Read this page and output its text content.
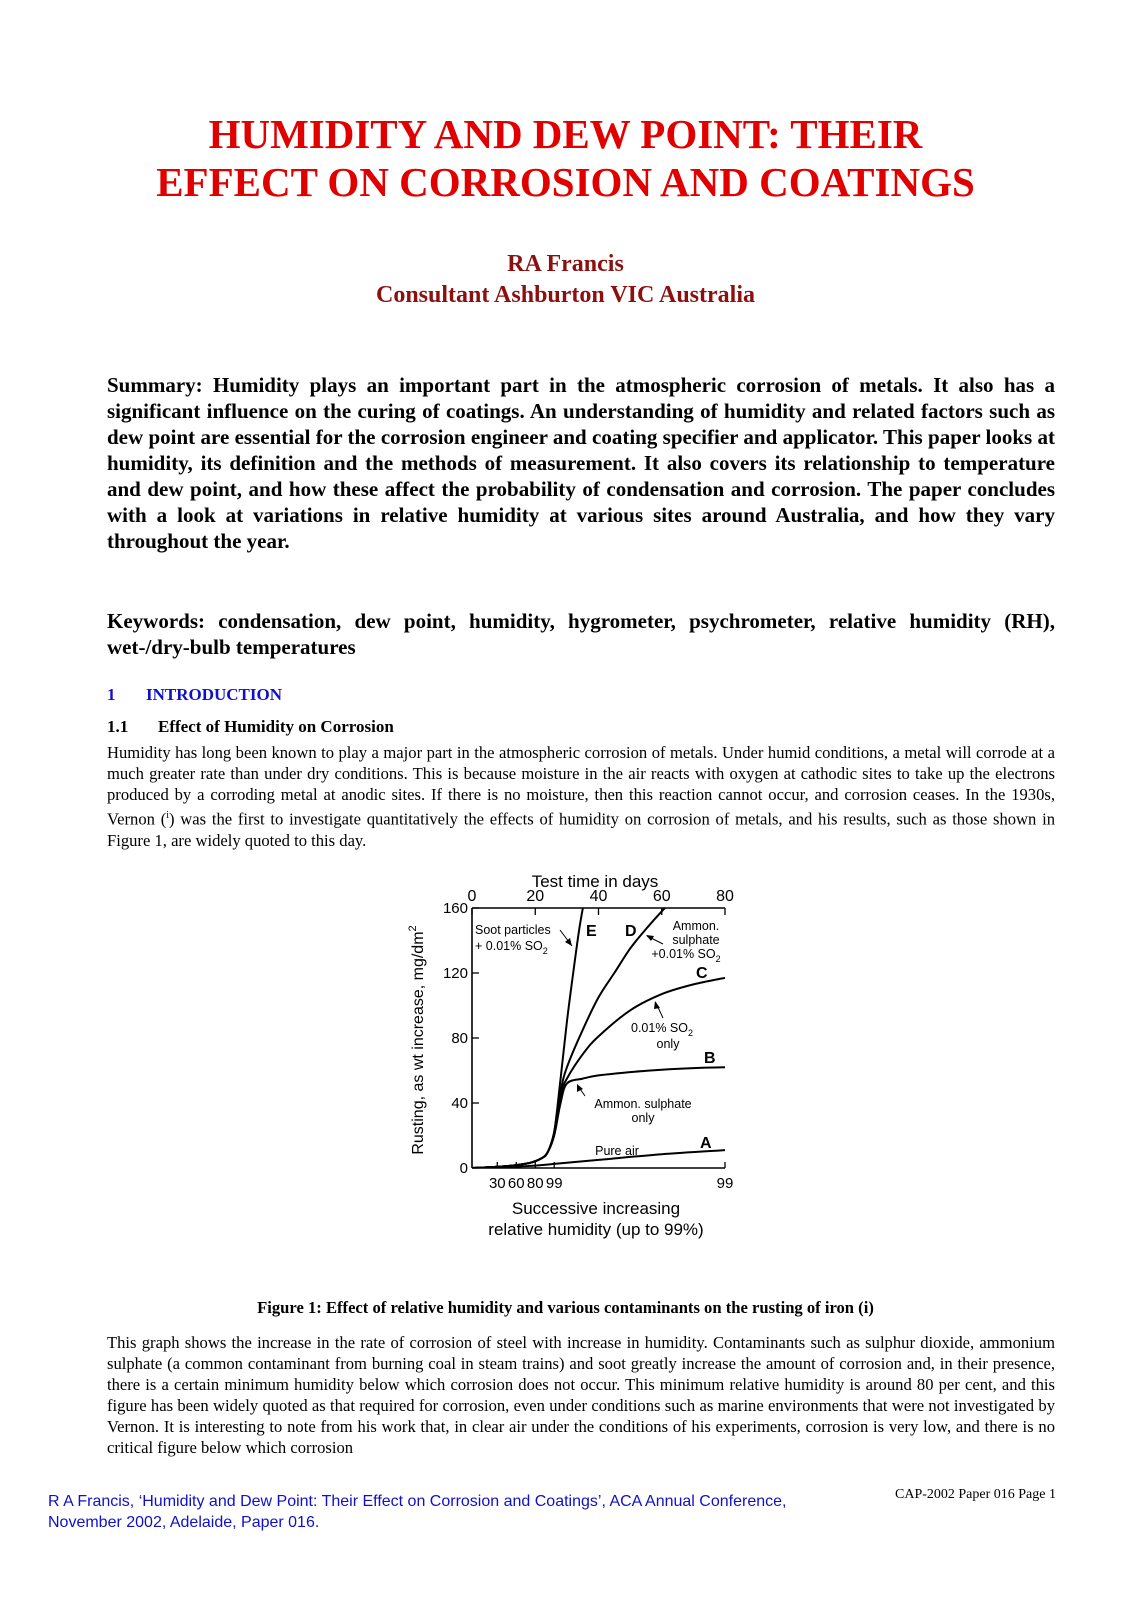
HUMIDITY AND DEW POINT: THEIR
EFFECT ON CORROSION AND COATINGS
RA Francis
Consultant Ashburton VIC Australia
Summary: Humidity plays an important part in the atmospheric corrosion of metals. It also has a significant influence on the curing of coatings. An understanding of humidity and related factors such as dew point are essential for the corrosion engineer and coating specifier and applicator. This paper looks at humidity, its definition and the methods of measurement. It also covers its relationship to temperature and dew point, and how these affect the probability of condensation and corrosion. The paper concludes with a look at variations in relative humidity at various sites around Australia, and how they vary throughout the year.
Keywords: condensation, dew point, humidity, hygrometer, psychrometer, relative humidity (RH), wet-/dry-bulb temperatures
1 INTRODUCTION
1.1 Effect of Humidity on Corrosion
Humidity has long been known to play a major part in the atmospheric corrosion of metals. Under humid conditions, a metal will corrode at a much greater rate than under dry conditions. This is because moisture in the air reacts with oxygen at cathodic sites to take up the electrons produced by a corroding metal at anodic sites. If there is no moisture, then this reaction cannot occur, and corrosion ceases. In the 1930s, Vernon ($^i$) was the first to investigate quantitatively the effects of humidity on corrosion of metals, and his results, such as those shown in Figure 1, are widely quoted to this day.
Test time in days
Rusting, as wt increase, $mg/dm^2$
Successive increasing
relative humidity (up to 99%)
0	20	40	60	80
0
40
80
120
160
30 60 80 99	99
E D
C
B
A
Soot particles
+ 0.01% $SO_2$
Ammon.
sulphate
+0.01% $SO_2$
0.01% $SO_2$
only
Ammon. sulphate
only
Pure air
Figure 1: Effect of relative humidity and various contaminants on the rusting of iron (i)
This graph shows the increase in the rate of corrosion of steel with increase in humidity. Contaminants such as sulphur dioxide, ammonium sulphate (a common contaminant from burning coal in steam trains) and soot greatly increase the amount of corrosion and, in their presence, there is a certain minimum humidity below which corrosion does not occur. This minimum relative humidity is around 80 per cent, and this figure has been widely quoted as that required for corrosion, even under conditions such as marine environments that were not investigated by Vernon. It is interesting to note from his work that, in clear air under the conditions of his experiments, corrosion is very low, and there is no critical figure below which corrosion
R A Francis, ‘Humidity and Dew Point: Their Effect on Corrosion and Coatings’, ACA Annual Conference,
November 2002, Adelaide, Paper 016.
CAP-2002 Paper 016 Page 1
